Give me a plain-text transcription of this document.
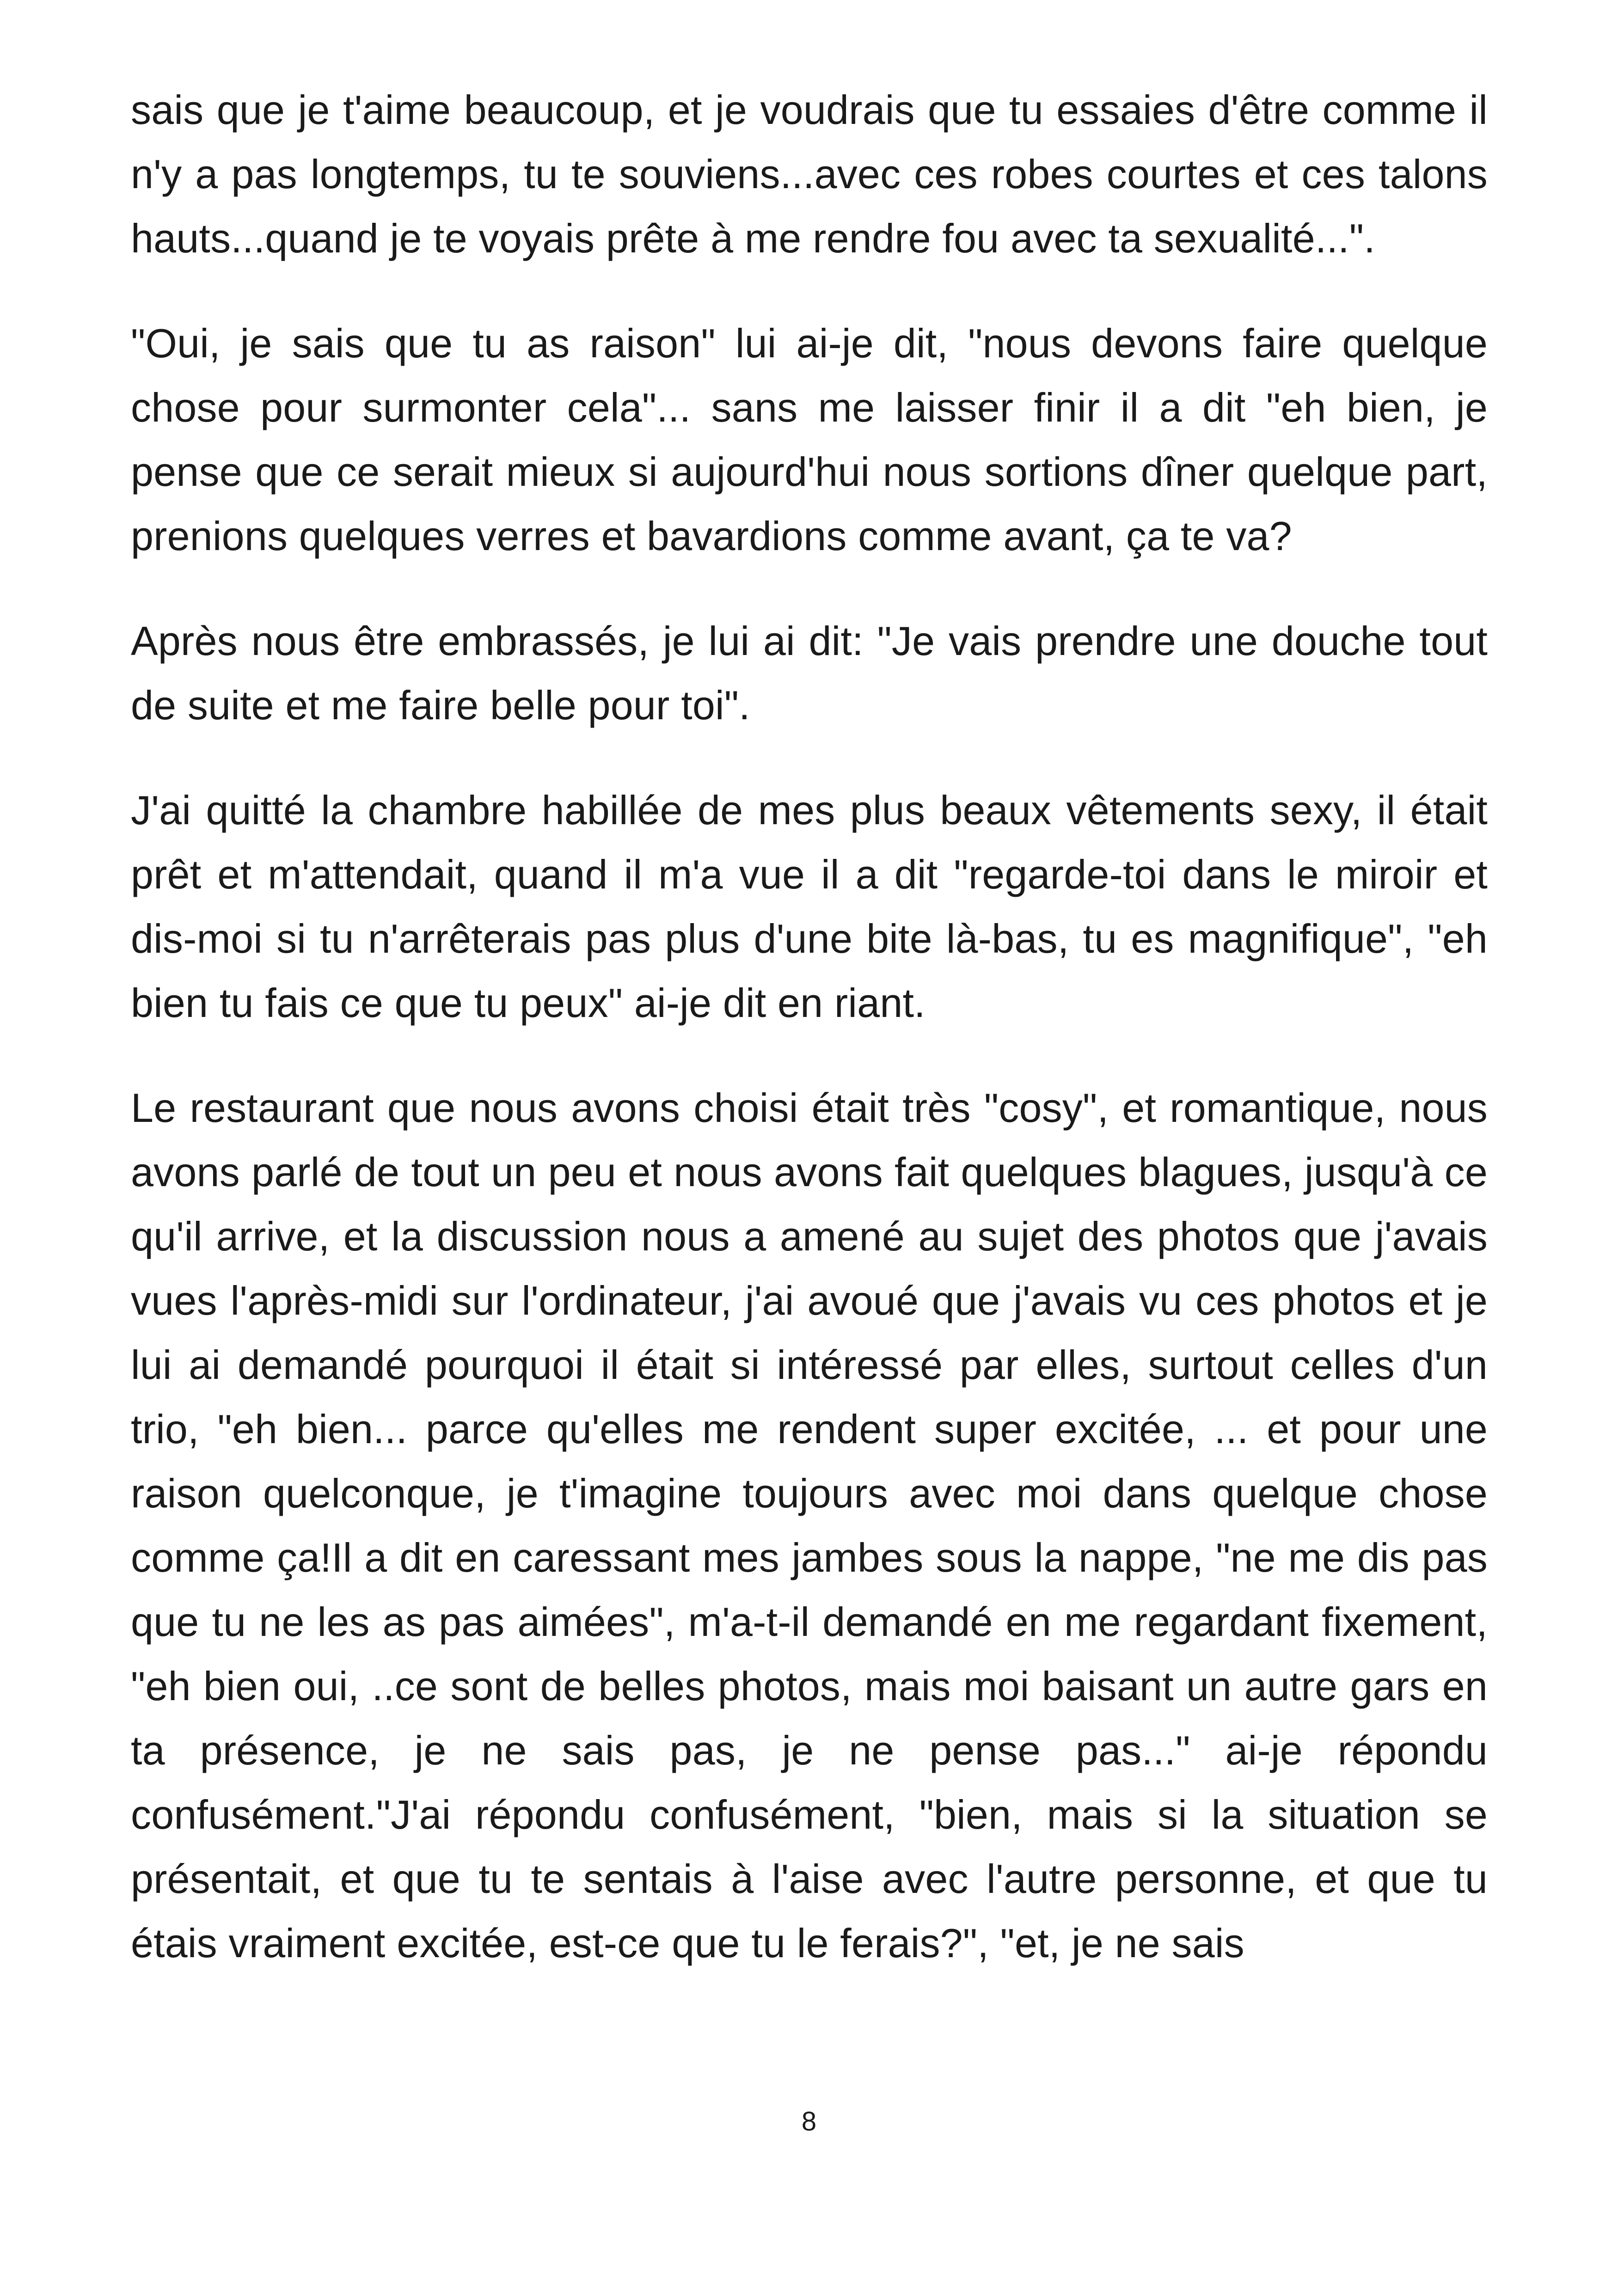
sais que je t'aime beaucoup, et je voudrais que tu essaies d'être comme il n'y a pas longtemps, tu te souviens...avec ces robes courtes et ces talons hauts...quand je te voyais prête à me rendre fou avec ta sexualité...".

"Oui, je sais que tu as raison" lui ai-je dit, "nous devons faire quelque chose pour surmonter cela"... sans me laisser finir il a dit "eh bien, je pense que ce serait mieux si aujourd'hui nous sortions dîner quelque part, prenions quelques verres et bavardions comme avant, ça te va?

Après nous être embrassés, je lui ai dit: "Je vais prendre une douche tout de suite et me faire belle pour toi".

J'ai quitté la chambre habillée de mes plus beaux vêtements sexy, il était prêt et m'attendait, quand il m'a vue il a dit "regarde-toi dans le miroir et dis-moi si tu n'arrêterais pas plus d'une bite là-bas, tu es magnifique", "eh bien tu fais ce que tu peux" ai-je dit en riant.

Le restaurant que nous avons choisi était très "cosy", et romantique, nous avons parlé de tout un peu et nous avons fait quelques blagues, jusqu'à ce qu'il arrive, et la discussion nous a amené au sujet des photos que j'avais vues l'après-midi sur l'ordinateur, j'ai avoué que j'avais vu ces photos et je lui ai demandé pourquoi il était si intéressé par elles, surtout celles d'un trio, "eh bien... parce qu'elles me rendent super excitée, ... et pour une raison quelconque, je t'imagine toujours avec moi dans quelque chose comme ça!Il a dit en caressant mes jambes sous la nappe, "ne me dis pas que tu ne les as pas aimées", m'a-t-il demandé en me regardant fixement, "eh bien oui, ..ce sont de belles photos, mais moi baisant un autre gars en ta présence, je ne sais pas, je ne pense pas..." ai-je répondu confusément."J'ai répondu confusément, "bien, mais si la situation se présentait, et que tu te sentais à l'aise avec l'autre personne, et que tu étais vraiment excitée, est-ce que tu le ferais?", "et, je ne sais

8
